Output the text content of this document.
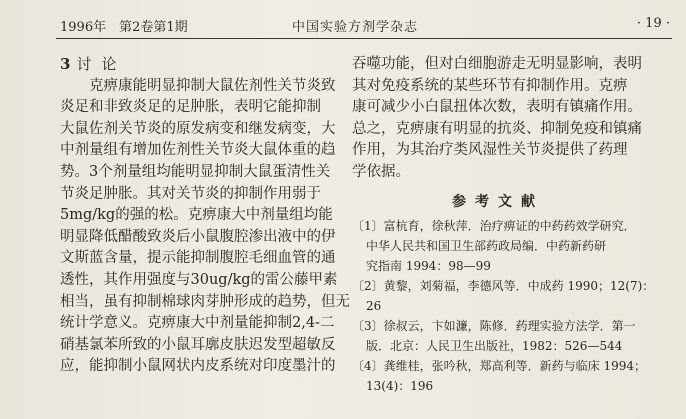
1996年　第2卷第1期	中国实验方剂学杂志	· 19 ·

3 讨论

　　克痹康能明显抑制大鼠佐剂性关节炎致

炎足和非致炎足的足肿胀，表明它能抑制

大鼠佐剂关节炎的原发病变和继发病变，大

中剂量组有增加佐剂性关节炎大鼠体重的趋

势。3个剂量组均能明显抑制大鼠蛋清性关

节炎足肿胀。其对关节炎的抑制作用弱于

5mg/kg的强的松。克痹康大中剂量组均能

明显降低醋酸致炎后小鼠腹腔渗出液中的伊

文斯蓝含量，提示能抑制腹腔毛细血管的通

透性，其作用强度与30ug/kg的雷公藤甲素

相当，虽有抑制棉球肉芽肿形成的趋势，但无

统计学意义。克痹康大中剂量能抑制2,4-二

硝基氯苯所致的小鼠耳廓皮肤迟发型超敏反

应，能抑制小鼠网状内皮系统对印度墨汁的

吞噬功能，但对白细胞游走无明显影响，表明

其对免疫系统的某些环节有抑制作用。克痹

康可减少小白鼠扭体次数，表明有镇痛作用。

总之，克痹康有明显的抗炎、抑制免疫和镇痛

作用，为其治疗类风湿性关节炎提供了药理

学依据。

参考文献

〔1〕富杭育，徐秋萍．治疗痹证的中药药效学研究．

中华人民共和国卫生部药政局编．中药新药研

究指南 1994：98—99

〔2〕黄黎，刘菊福，李德风等．中成药 1990；12(7)：

26

〔3〕徐叔云，卞如濂，陈修．药理实验方法学．第一

版．北京：人民卫生出版社，1982：526—544

〔4〕龚维桂，张吟秋，郑高利等．新药与临床 1994；

13(4)：196
